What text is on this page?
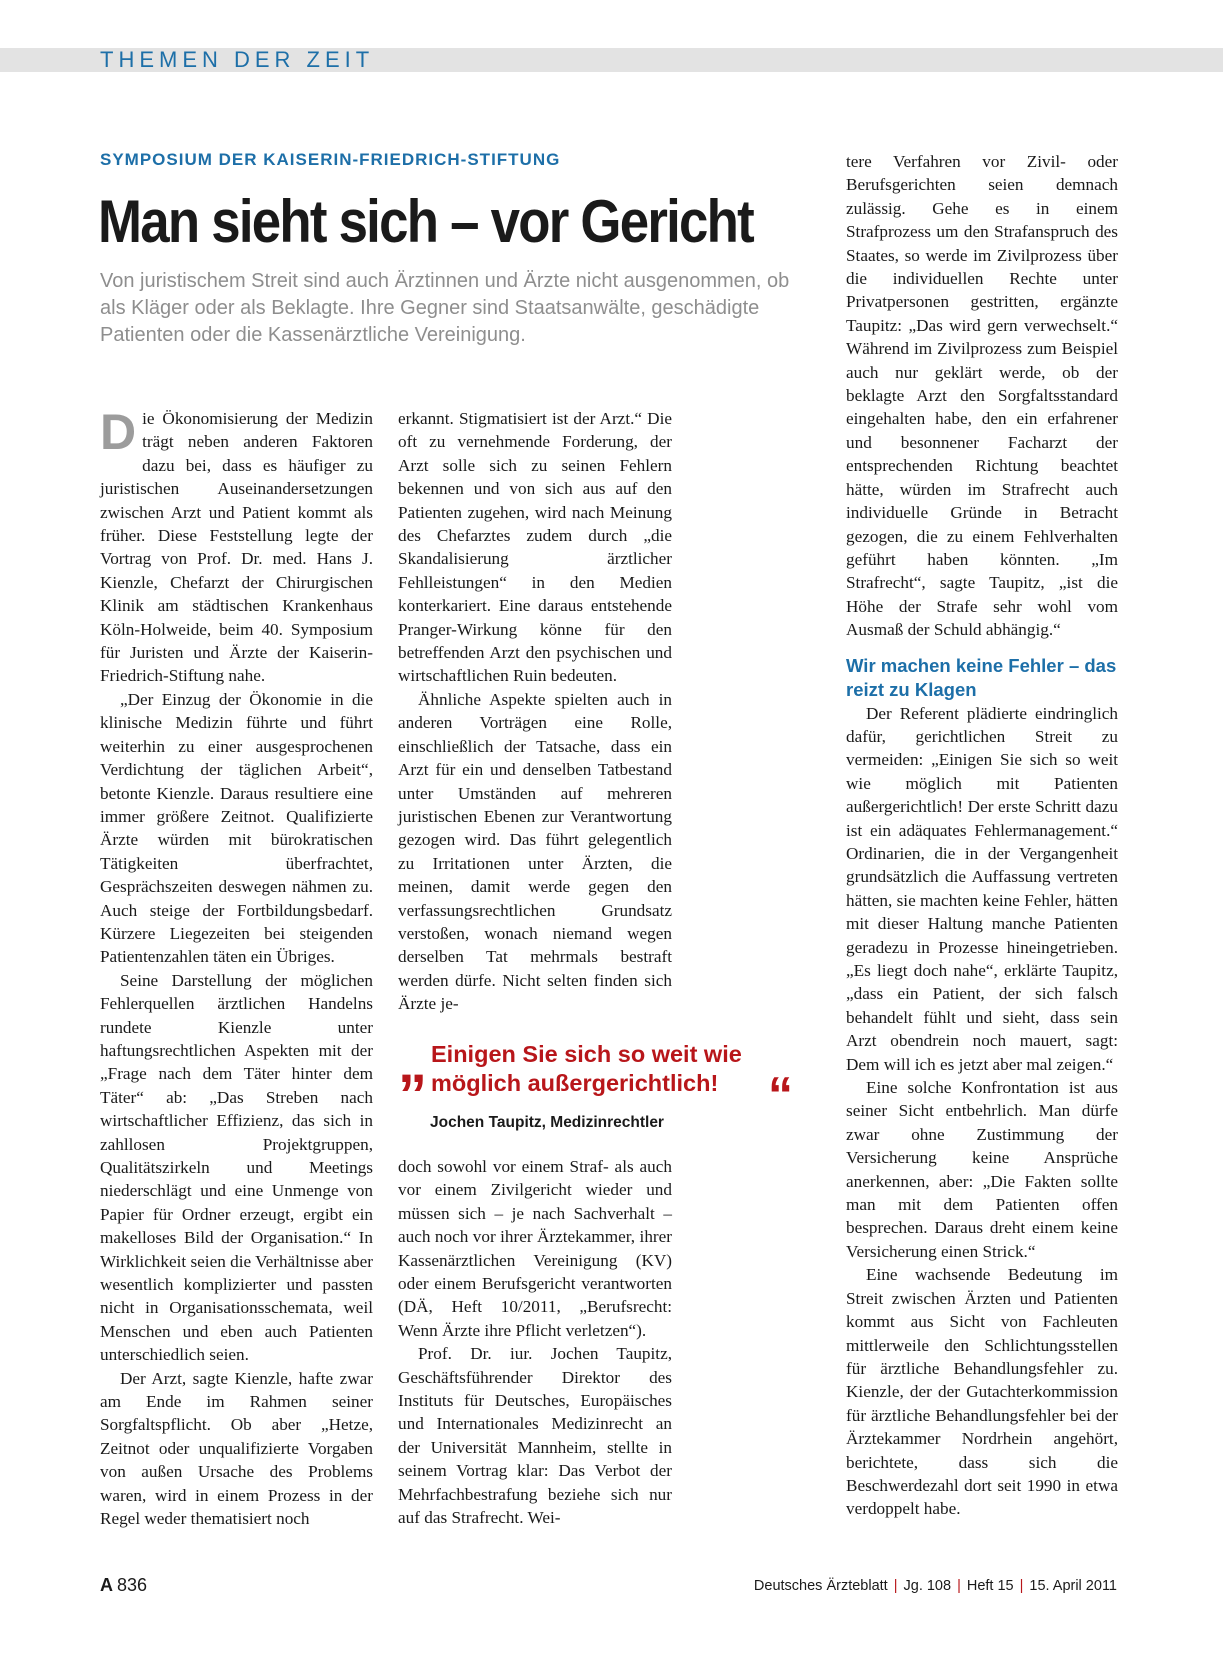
THEMEN DER ZEIT
SYMPOSIUM DER KAISERIN-FRIEDRICH-STIFTUNG
Man sieht sich – vor Gericht

Von juristischem Streit sind auch Ärztinnen und Ärzte nicht ausgenommen, ob als Kläger oder als Beklagte. Ihre Gegner sind Staatsanwälte, geschädigte Patienten oder die Kassenärztliche Vereinigung.

Die Ökonomisierung der Medizin trägt neben anderen Faktoren dazu bei, dass es häufiger zu juristischen Auseinandersetzungen zwischen Arzt und Patient kommt als früher. Diese Feststellung legte der Vortrag von Prof. Dr. med. Hans J. Kienzle, Chefarzt der Chirurgischen Klinik am städtischen Krankenhaus Köln-Holweide, beim 40. Symposium für Juristen und Ärzte der Kaiserin-Friedrich-Stiftung nahe.

„Der Einzug der Ökonomie in die klinische Medizin führte und führt weiterhin zu einer ausgesprochenen Verdichtung der täglichen Arbeit“, betonte Kienzle. Daraus resultiere eine immer größere Zeitnot. Qualifizierte Ärzte würden mit bürokratischen Tätigkeiten überfrachtet, Gesprächszeiten deswegen nähmen zu. Auch steige der Fortbildungsbedarf. Kürzere Liegezeiten bei steigenden Patientenzahlen täten ein Übriges.

Seine Darstellung der möglichen Fehlerquellen ärztlichen Handelns rundete Kienzle unter haftungsrechtlichen Aspekten mit der „Frage nach dem Täter hinter dem Täter“ ab: „Das Streben nach wirtschaftlicher Effizienz, das sich in zahllosen Projektgruppen, Qualitätszirkeln und Meetings niederschlägt und eine Unmenge von Papier für Ordner erzeugt, ergibt ein makelloses Bild der Organisation.“ In Wirklichkeit seien die Verhältnisse aber wesentlich komplizierter und passten nicht in Organisationsschemata, weil Menschen und eben auch Patienten unterschiedlich seien.

Der Arzt, sagte Kienzle, hafte zwar am Ende im Rahmen seiner Sorgfaltspflicht. Ob aber „Hetze, Zeitnot oder unqualifizierte Vorgaben von außen Ursache des Problems waren, wird in einem Prozess in der Regel weder thematisiert noch

erkannt. Stigmatisiert ist der Arzt.“ Die oft zu vernehmende Forderung, der Arzt solle sich zu seinen Fehlern bekennen und von sich aus auf den Patienten zugehen, wird nach Meinung des Chefarztes zudem durch „die Skandalisierung ärztlicher Fehlleistungen“ in den Medien konterkariert. Eine daraus entstehende Pranger-Wirkung könne für den betreffenden Arzt den psychischen und wirtschaftlichen Ruin bedeuten.

Ähnliche Aspekte spielten auch in anderen Vorträgen eine Rolle, einschließlich der Tatsache, dass ein Arzt für ein und denselben Tatbestand unter Umständen auf mehreren juristischen Ebenen zur Verantwortung gezogen wird. Das führt gelegentlich zu Irritationen unter Ärzten, die meinen, damit werde gegen den verfassungsrechtlichen Grundsatz verstoßen, wonach niemand wegen derselben Tat mehrmals bestraft werden dürfe. Nicht selten finden sich Ärzte je-

„ Einigen Sie sich so weit wie möglich außergerichtlich! “

Jochen Taupitz, Medizinrechtler

doch sowohl vor einem Straf- als auch vor einem Zivilgericht wieder und müssen sich – je nach Sachverhalt – auch noch vor ihrer Ärztekammer, ihrer Kassenärztlichen Vereinigung (KV) oder einem Berufsgericht verantworten (DÄ, Heft 10/2011, „Berufsrecht: Wenn Ärzte ihre Pflicht verletzen“).

Prof. Dr. iur. Jochen Taupitz, Geschäftsführender Direktor des Instituts für Deutsches, Europäisches und Internationales Medizinrecht an der Universität Mannheim, stellte in seinem Vortrag klar: Das Verbot der Mehrfachbestrafung beziehe sich nur auf das Strafrecht. Wei-

tere Verfahren vor Zivil- oder Berufsgerichten seien demnach zulässig. Gehe es in einem Strafprozess um den Strafanspruch des Staates, so werde im Zivilprozess über die individuellen Rechte unter Privatpersonen gestritten, ergänzte Taupitz: „Das wird gern verwechselt.“ Während im Zivilprozess zum Beispiel auch nur geklärt werde, ob der beklagte Arzt den Sorgfaltsstandard eingehalten habe, den ein erfahrener und besonnener Facharzt der entsprechenden Richtung beachtet hätte, würden im Strafrecht auch individuelle Gründe in Betracht gezogen, die zu einem Fehlverhalten geführt haben könnten. „Im Strafrecht“, sagte Taupitz, „ist die Höhe der Strafe sehr wohl vom Ausmaß der Schuld abhängig.“

Wir machen keine Fehler – das reizt zu Klagen

Der Referent plädierte eindringlich dafür, gerichtlichen Streit zu vermeiden: „Einigen Sie sich so weit wie möglich mit Patienten außergerichtlich! Der erste Schritt dazu ist ein adäquates Fehlermanagement.“ Ordinarien, die in der Vergangenheit grundsätzlich die Auffassung vertreten hätten, sie machten keine Fehler, hätten mit dieser Haltung manche Patienten geradezu in Prozesse hineingetrieben. „Es liegt doch nahe“, erklärte Taupitz, „dass ein Patient, der sich falsch behandelt fühlt und sieht, dass sein Arzt obendrein noch mauert, sagt: Dem will ich es jetzt aber mal zeigen.“

Eine solche Konfrontation ist aus seiner Sicht entbehrlich. Man dürfe zwar ohne Zustimmung der Versicherung keine Ansprüche anerkennen, aber: „Die Fakten sollte man mit dem Patienten offen besprechen. Daraus dreht einem keine Versicherung einen Strick.“

Eine wachsende Bedeutung im Streit zwischen Ärzten und Patienten kommt aus Sicht von Fachleuten mittlerweile den Schlichtungsstellen für ärztliche Behandlungsfehler zu. Kienzle, der der Gutachterkommission für ärztliche Behandlungsfehler bei der Ärztekammer Nordrhein angehört, berichtete, dass sich die Beschwerdezahl dort seit 1990 in etwa verdoppelt habe.

A 836	Deutsches Ärzteblatt | Jg. 108 | Heft 15 | 15. April 2011
